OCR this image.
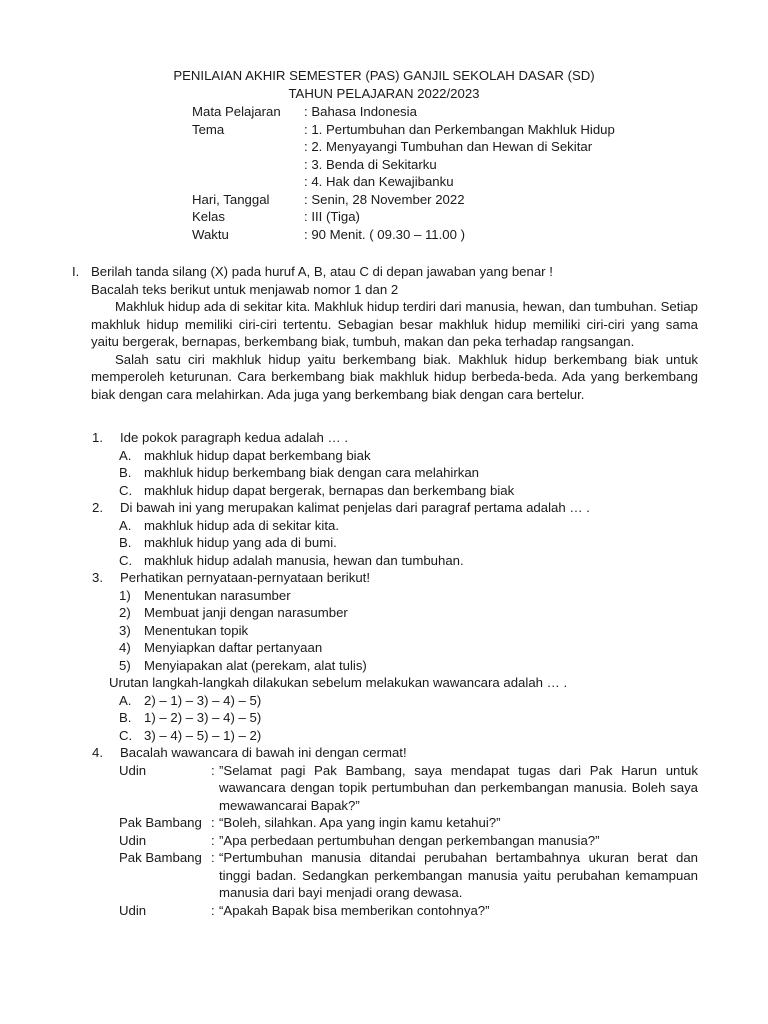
PENILAIAN AKHIR SEMESTER (PAS) GANJIL SEKOLAH DASAR (SD)
TAHUN PELAJARAN 2022/2023
Mata Pelajaran	: Bahasa Indonesia
Tema	: 1. Pertumbuhan dan Perkembangan Makhluk Hidup
: 2. Menyayangi Tumbuhan dan Hewan di Sekitar
: 3. Benda di Sekitarku
: 4. Hak dan Kewajibanku
Hari, Tanggal	: Senin, 28 November 2022
Kelas	: III (Tiga)
Waktu	: 90 Menit. ( 09.30 – 11.00 )
I. Berilah tanda silang (X) pada huruf A, B, atau C di depan jawaban yang benar !
Bacalah teks berikut untuk menjawab nomor 1 dan 2
Makhluk hidup ada di sekitar kita. Makhluk hidup terdiri dari manusia, hewan, dan tumbuhan. Setiap makhluk hidup memiliki ciri-ciri tertentu. Sebagian besar makhluk hidup memiliki ciri-ciri yang sama yaitu bergerak, bernapas, berkembang biak, tumbuh, makan dan peka terhadap rangsangan.
Salah satu ciri makhluk hidup yaitu berkembang biak. Makhluk hidup berkembang biak untuk memperoleh keturunan. Cara berkembang biak makhluk hidup berbeda-beda. Ada yang berkembang biak dengan cara melahirkan. Ada juga yang berkembang biak dengan cara bertelur.
1.	Ide pokok paragraph kedua adalah … .
A. makhluk hidup dapat berkembang biak
B. makhluk hidup berkembang biak dengan cara melahirkan
C. makhluk hidup dapat bergerak, bernapas dan berkembang biak
2.	Di bawah ini yang merupakan kalimat penjelas dari paragraf pertama adalah … .
A. makhluk hidup ada di sekitar kita.
B. makhluk hidup yang ada di bumi.
C. makhluk hidup adalah manusia, hewan dan tumbuhan.
3.	Perhatikan pernyataan-pernyataan berikut!
1)	Menentukan narasumber
2)	Membuat janji dengan narasumber
3)	Menentukan topik
4)	Menyiapkan daftar pertanyaan
5)	Menyiapakan alat (perekam, alat tulis)
Urutan langkah-langkah dilakukan sebelum melakukan wawancara adalah … .
A. 2) – 1) – 3) – 4) – 5)
B. 1) – 2) – 3) – 4) – 5)
C. 3) – 4) – 5) – 1) – 2)
4.	Bacalah wawancara di bawah ini dengan cermat!
Udin	: ”Selamat pagi Pak Bambang, saya mendapat tugas dari Pak Harun untuk wawancara dengan topik pertumbuhan dan perkembangan manusia. Boleh saya mewawancarai Bapak?”
Pak Bambang : “Boleh, silahkan. Apa yang ingin kamu ketahui?”
Udin	: ”Apa perbedaan pertumbuhan dengan perkembangan manusia?”
Pak Bambang : “Pertumbuhan manusia ditandai perubahan bertambahnya ukuran berat dan tinggi badan. Sedangkan perkembangan manusia yaitu perubahan kemampuan manusia dari bayi menjadi orang dewasa.
Udin	: “Apakah Bapak bisa memberikan contohnya?”
